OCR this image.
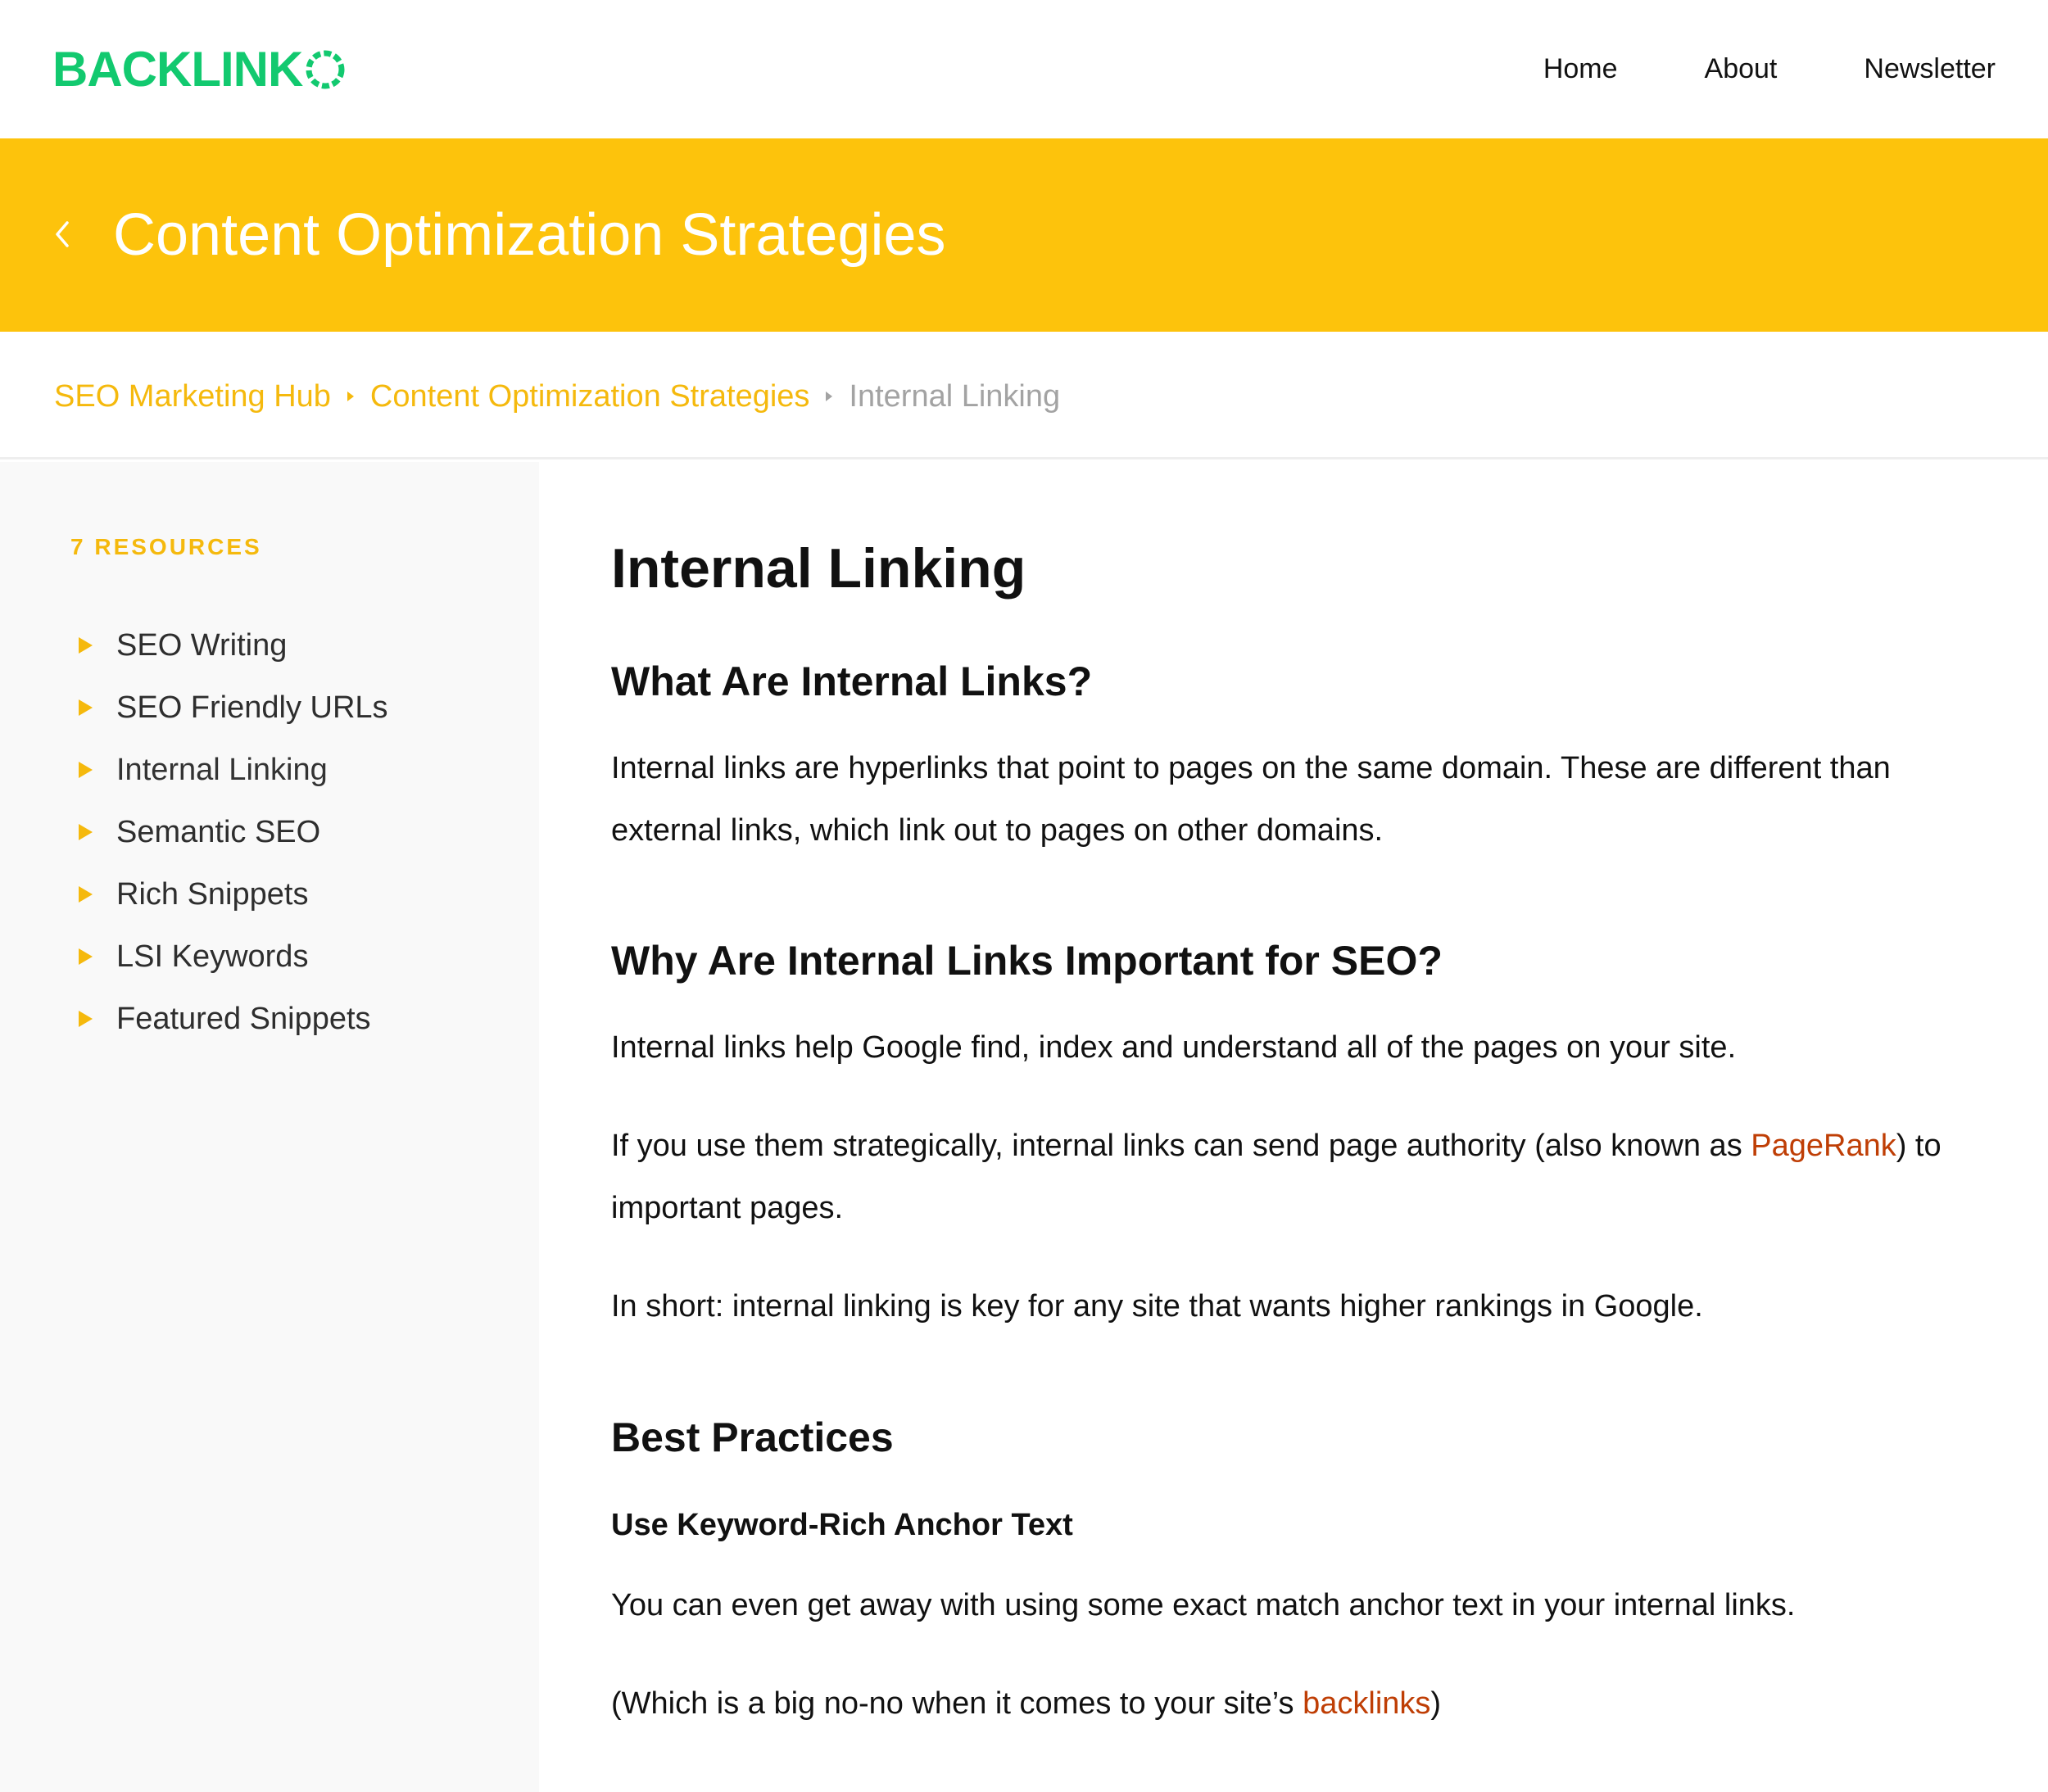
BACKLINK	Home	About	Newsletter
Content Optimization Strategies
SEO Marketing Hub Content Optimization Strategies Internal Linking
7 RESOURCES
SEO Writing
SEO Friendly URLs
Internal Linking
Semantic SEO
Rich Snippets
LSI Keywords
Featured Snippets
Internal Linking
What Are Internal Links?

Internal links are hyperlinks that point to pages on the same domain. These are different than external links, which link out to pages on other domains.

Why Are Internal Links Important for SEO?

Internal links help Google find, index and understand all of the pages on your site.

If you use them strategically, internal links can send page authority (also known as PageRank) to important pages.

In short: internal linking is key for any site that wants higher rankings in Google.

Best Practices
Use Keyword-Rich Anchor Text

You can even get away with using some exact match anchor text in your internal links.

(Which is a big no-no when it comes to your site’s backlinks)
